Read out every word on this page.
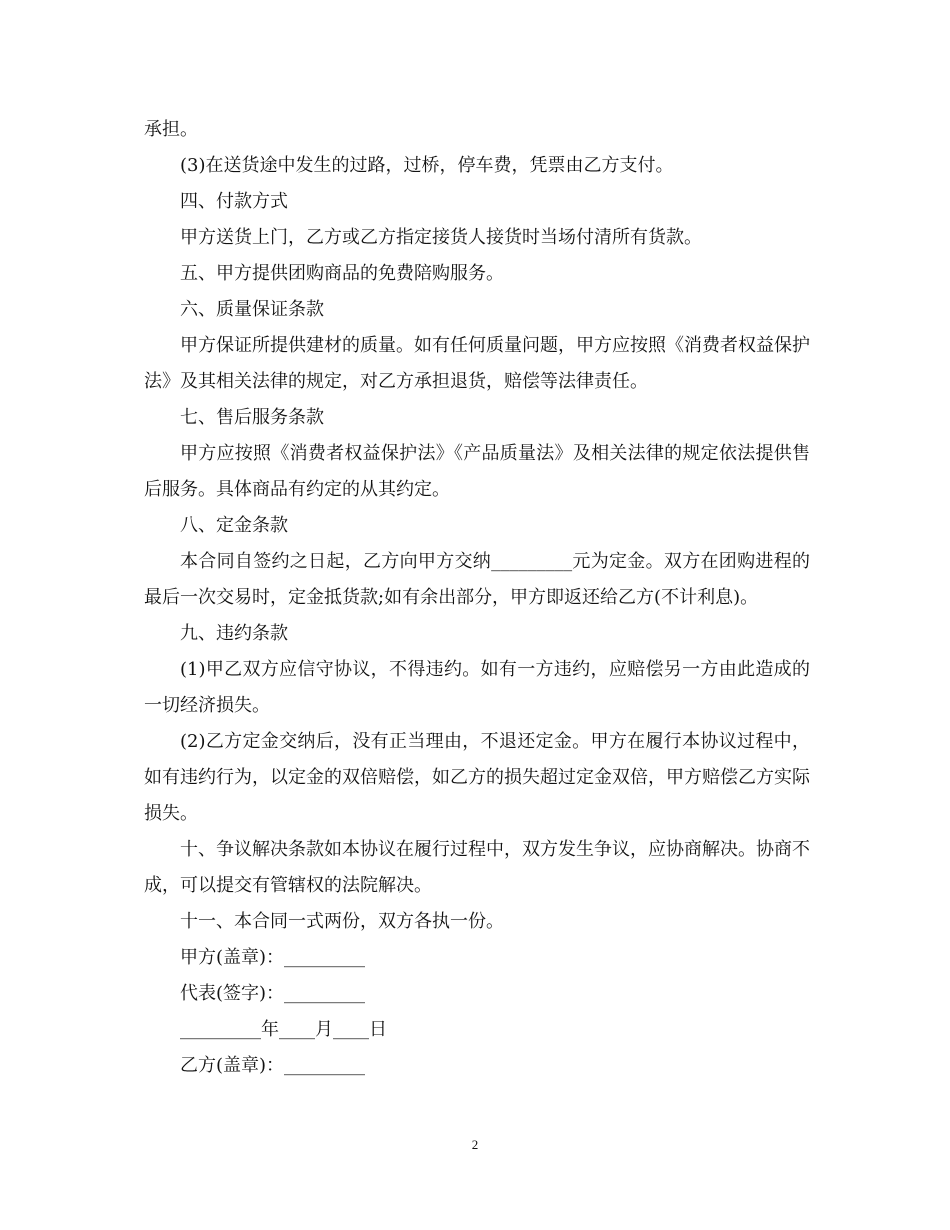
承担。

(3)在送货途中发生的过路，过桥，停车费，凭票由乙方支付。

四、付款方式

甲方送货上门，乙方或乙方指定接货人接货时当场付清所有货款。

五、甲方提供团购商品的免费陪购服务。

六、质量保证条款

甲方保证所提供建材的质量。如有任何质量问题，甲方应按照《消费者权益保护法》及其相关法律的规定，对乙方承担退货，赔偿等法律责任。

七、售后服务条款

甲方应按照《消费者权益保护法》《产品质量法》及相关法律的规定依法提供售后服务。具体商品有约定的从其约定。

八、定金条款

本合同自签约之日起，乙方向甲方交纳_________元为定金。双方在团购进程的最后一次交易时，定金抵货款;如有余出部分，甲方即返还给乙方(不计利息)。

九、违约条款

(1)甲乙双方应信守协议，不得违约。如有一方违约，应赔偿另一方由此造成的一切经济损失。

(2)乙方定金交纳后，没有正当理由，不退还定金。甲方在履行本协议过程中，如有违约行为，以定金的双倍赔偿，如乙方的损失超过定金双倍，甲方赔偿乙方实际损失。

十、争议解决条款如本协议在履行过程中，双方发生争议，应协商解决。协商不成，可以提交有管辖权的法院解决。

十一、本合同一式两份，双方各执一份。

甲方(盖章)：_________

代表(签字)：_________

_________年____月____日

乙方(盖章)：_________

2
